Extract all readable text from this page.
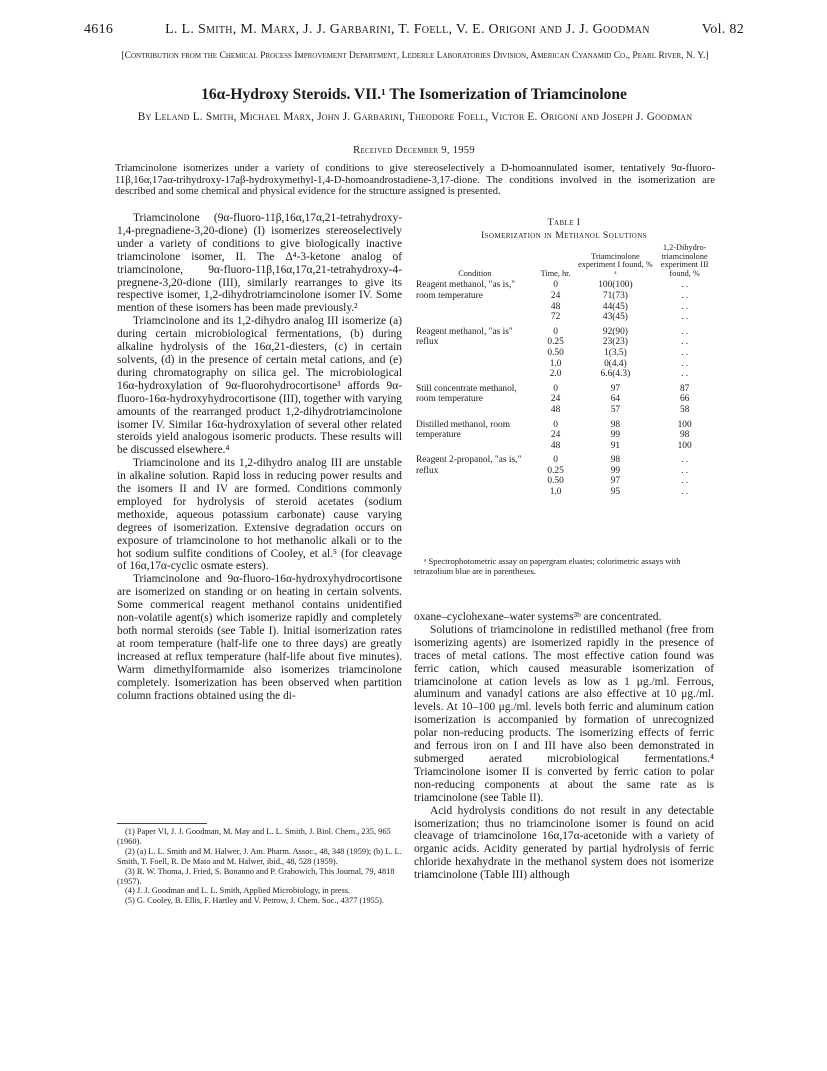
4616	L. L. Smith, M. Marx, J. J. Garbarini, T. Foell, V. E. Origoni and J. J. Goodman	Vol. 82
[Contribution from the Chemical Process Improvement Department, Lederle Laboratories Division, American Cyanamid Co., Pearl River, N. Y.]
16α-Hydroxy Steroids. VII.¹ The Isomerization of Triamcinolone
By Leland L. Smith, Michael Marx, John J. Garbarini, Theodore Foell, Victor E. Origoni and Joseph J. Goodman
Received December 9, 1959
Triamcinolone isomerizes under a variety of conditions to give stereoselectively a D-homoannulated isomer, tentatively 9α-fluoro-11β,16α,17aα-trihydroxy-17aβ-hydroxymethyl-1,4-D-homoandrostadiene-3,17-dione. The conditions involved in the isomerization are described and some chemical and physical evidence for the structure assigned is presented.

Triamcinolone (9α-fluoro-11β,16α,17α,21-tetrahydroxy-1,4-pregnadiene-3,20-dione) (I) isomerizes stereoselectively under a variety of conditions to give biologically inactive triamcinolone isomer, II. The Δ⁴-3-ketone analog of triamcinolone, 9α-fluoro-11β,16α,17α,21-tetrahydroxy-4-pregnene-3,20-dione (III), similarly rearranges to give its respective isomer, 1,2-dihydrotriamcinolone isomer IV. Some mention of these isomers has been made previously.²

Triamcinolone and its 1,2-dihydro analog III isomerize (a) during certain microbiological fermentations, (b) during alkaline hydrolysis of the 16α,21-diesters, (c) in certain solvents, (d) in the presence of certain metal cations, and (e) during chromatography on silica gel. The microbiological 16α-hydroxylation of 9α-fluorohydrocortisone³ affords 9α-fluoro-16α-hydroxyhydrocortisone (III), together with varying amounts of the rearranged product 1,2-dihydrotriamcinolone isomer IV. Similar 16α-hydroxylation of several other related steroids yield analogous isomeric products. These results will be discussed elsewhere.⁴

Triamcinolone and its 1,2-dihydro analog III are unstable in alkaline solution. Rapid loss in reducing power results and the isomers II and IV are formed. Conditions commonly employed for hydrolysis of steroid acetates (sodium methoxide, aqueous potassium carbonate) cause varying degrees of isomerization. Extensive degradation occurs on exposure of triamcinolone to hot methanolic alkali or to the hot sodium sulfite conditions of Cooley, et al.⁵ (for cleavage of 16α,17α-cyclic osmate esters).

Triamcinolone and 9α-fluoro-16α-hydroxyhydrocortisone are isomerized on standing or on heating in certain solvents. Some commerical reagent methanol contains unidentified non-volatile agent(s) which isomerize rapidly and completely both normal steroids (see Table I). Initial isomerization rates at room temperature (half-life one to three days) are greatly increased at reflux temperature (half-life about five minutes). Warm dimethylformamide also isomerizes triamcinolone completely. Isomerization has been observed when partition column fractions obtained using the di-

(1) Paper VI, J. J. Goodman, M. May and L. L. Smith, J. Biol. Chem., 235, 965 (1960).
(2) (a) L. L. Smith and M. Halwer, J. Am. Pharm. Assoc., 48, 348 (1959); (b) L. L. Smith, T. Foell, R. De Maio and M. Halwer, ibid., 48, 528 (1959).
(3) R. W. Thoma, J. Fried, S. Bonanno and P. Grabowich, This Journal, 79, 4818 (1957).
(4) J. J. Goodman and L. L. Smith, Applied Microbiology, in press.
(5) G. Cooley, B. Ellis, F. Hartley and V. Petrow, J. Chem. Soc., 4377 (1955).
Table I
Isomerization in Methanol Solutions
Condition	Time, hr.	Triamcinolone experiment I found, % ᵃ	1,2-Dihydro-triamcinolone experiment III found, %
Reagent methanol, "as is," room temperature	0	100(100)	. .
	24	71(73)	. .
	48	44(45)	. .
	72	43(45)	. .
Reagent methanol, "as is" reflux	0	92(90)	. .
	0.25	23(23)	. .
	0.50	1(3.5)	. .
	1.0	0(4.4)	. .
	2.0	6.6(4.3)	. .
Still concentrate methanol, room temperature	0	97	87
	24	64	66
	48	57	58
Distilled methanol, room temperature	0	98	100
	24	99	98
	48	91	100
Reagent 2-propanol, "as is," reflux	0	98	. .
	0.25	99	. .
	0.50	97	. .
	1.0	95	. .
ᵃ Spectrophotometric assay on papergram eluates; colorimetric assays with tetrazolium blue are in parentheses.

oxane–cyclohexane–water systems³ᵇ are concentrated.

Solutions of triamcinolone in redistilled methanol (free from isomerizing agents) are isomerized rapidly in the presence of traces of metal cations. The most effective cation found was ferric cation, which caused measurable isomerization of triamcinolone at cation levels as low as 1 μg./ml. Ferrous, aluminum and vanadyl cations are also effective at 10 μg./ml. levels. At 10–100 μg./ml. levels both ferric and aluminum cation isomerization is accompanied by formation of unrecognized polar non-reducing products. The isomerizing effects of ferric and ferrous iron on I and III have also been demonstrated in submerged aerated microbiological fermentations.⁴ Triamcinolone isomer II is converted by ferric cation to polar non-reducing components at about the same rate as is triamcinolone (see Table II).

Acid hydrolysis conditions do not result in any detectable isomerization; thus no triamcinolone isomer is found on acid cleavage of triamcinolone 16α,17α-acetonide with a variety of organic acids. Acidity generated by partial hydrolysis of ferric chloride hexahydrate in the methanol system does not isomerize triamcinolone (Table III) although
